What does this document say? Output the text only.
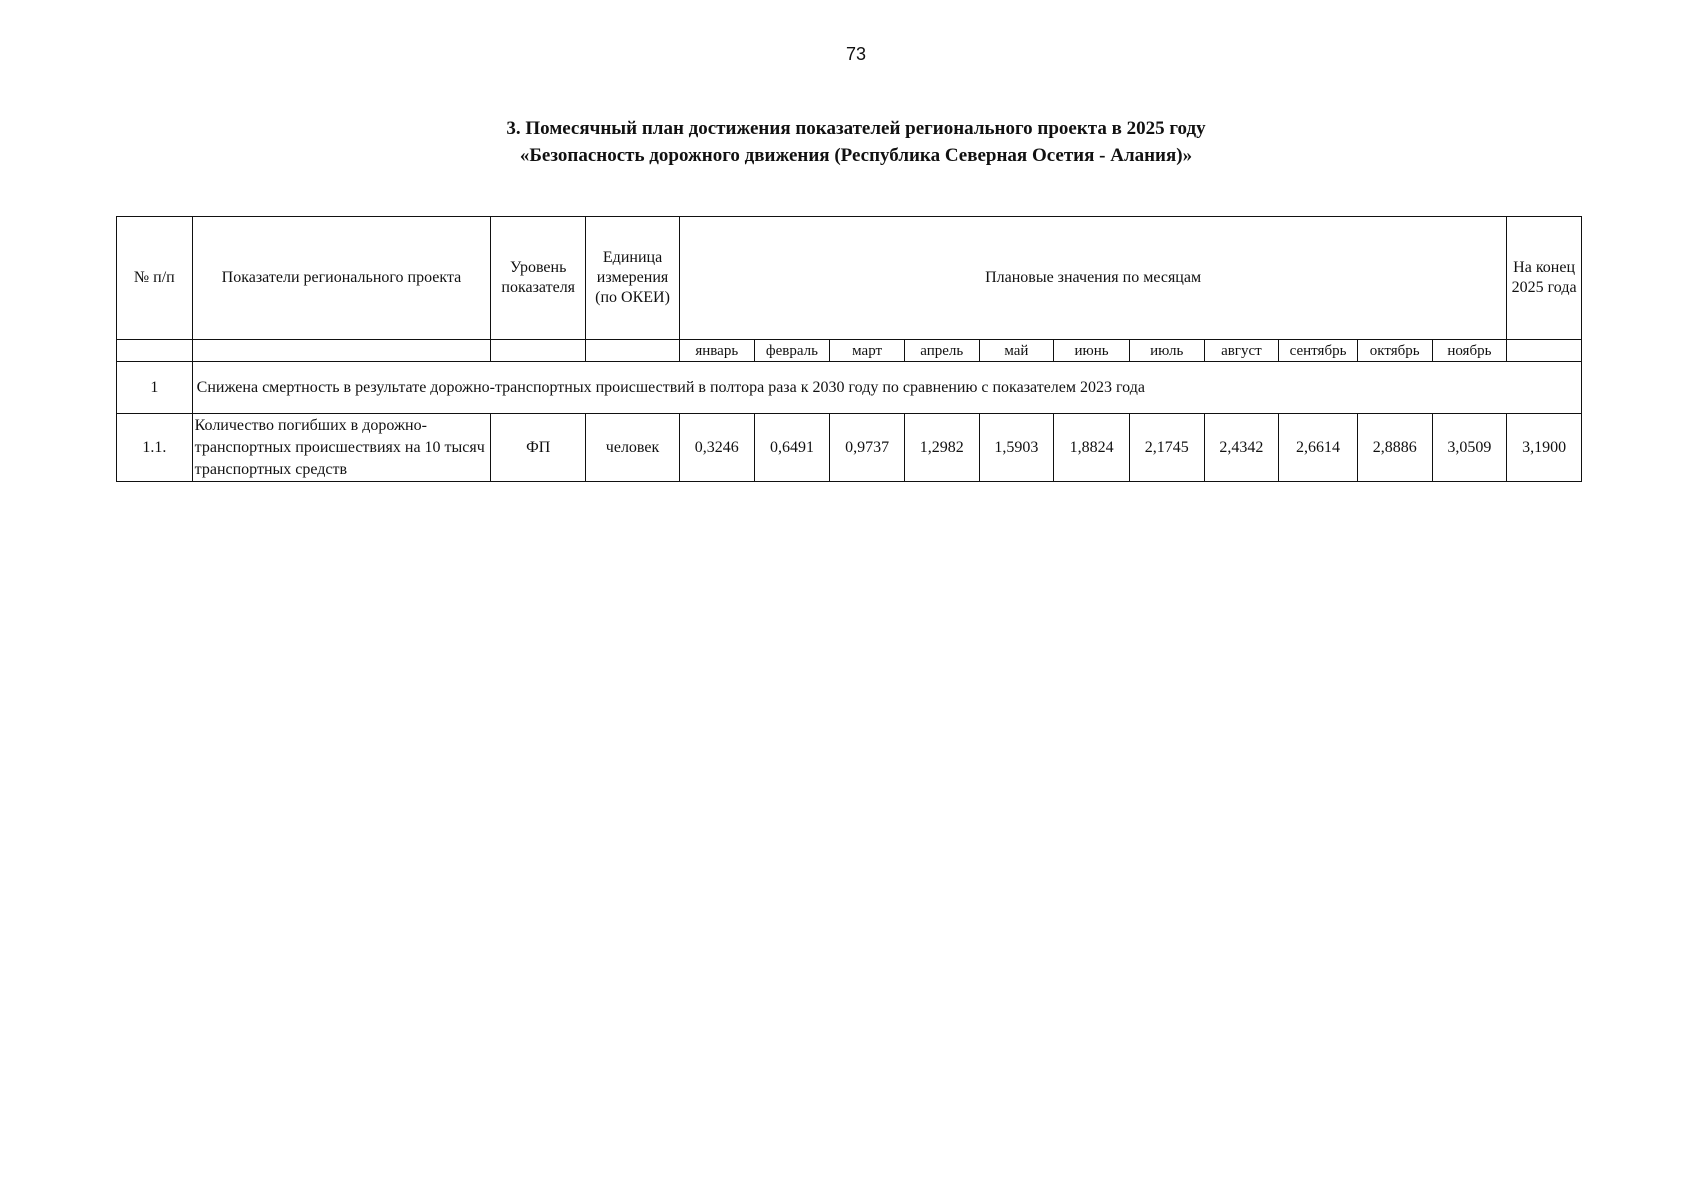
73
3. Помесячный план достижения показателей регионального проекта в 2025 году
«Безопасность дорожного движения (Республика Северная Осетия - Алания)»
№ п/п	Показатели регионального проекта	Уровень показателя	Единица измерения (по ОКЕИ)	Плановые значения по месяцам											На конец 2025 года
				январь	февраль	март	апрель	май	июнь	июль	август	сентябрь	октябрь	ноябрь	
1	Снижена смертность в результате дорожно-транспортных происшествий в полтора раза к 2030 году по сравнению с показателем 2023 года														
1.1.	Количество погибших в дорожно-транспортных происшествиях на 10 тысяч транспортных средств	ФП	человек	0,3246	0,6491	0,9737	1,2982	1,5903	1,8824	2,1745	2,4342	2,6614	2,8886	3,0509	3,1900
